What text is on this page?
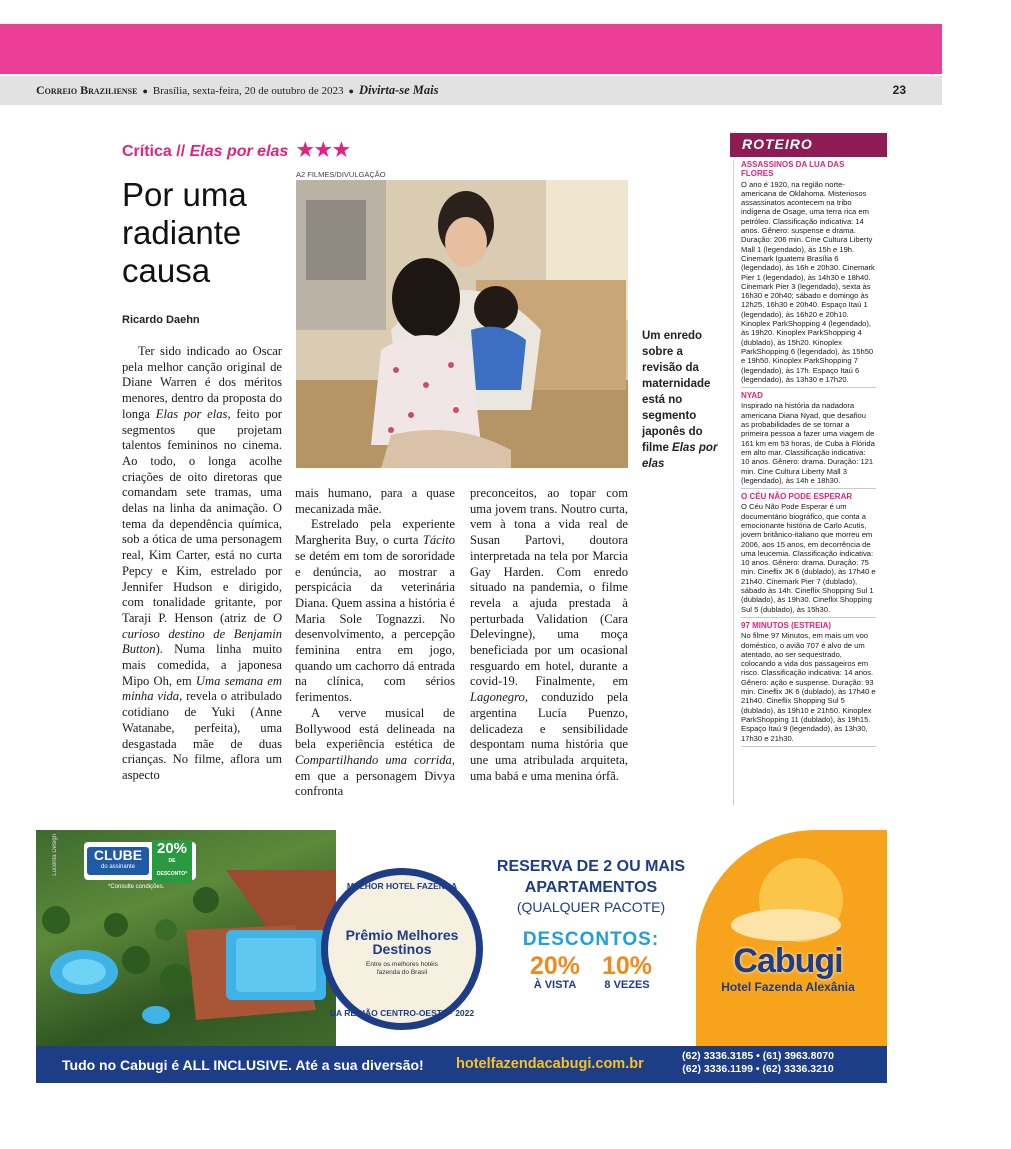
Correio Braziliense ● Brasília, sexta-feira, 20 de outubro de 2023 ● Divirta-se Mais	23
Crítica // Elas por elas ★★★
Por uma radiante causa
Ricardo Daehn
A2 FILMES/DIVULGAÇÃO
Um enredo sobre a revisão da maternidade está no segmento japonês do filme Elas por elas

Ter sido indicado ao Oscar pela melhor canção original de Diane Warren é dos méritos menores, dentro da proposta do longa Elas por elas, feito por segmentos que projetam talentos femininos no cinema. Ao todo, o longa acolhe criações de oito diretoras que comandam sete tramas, uma delas na linha da animação. O tema da dependência química, sob a ótica de uma personagem real, Kim Carter, está no curta Pepcy e Kim, estrelado por Jennifer Hudson e dirigido, com tonalidade gritante, por Taraji P. Henson (atriz de O curioso destino de Benjamin Button). Numa linha muito mais comedida, a japonesa Mipo Oh, em Uma semana em minha vida, revela o atribulado cotidiano de Yuki (Anne Watanabe, perfeita), uma desgastada mãe de duas crianças. No filme, aflora um aspecto

mais humano, para a quase mecanizada mãe.

Estrelado pela experiente Margherita Buy, o curta Tácito se detém em tom de sororidade e denúncia, ao mostrar a perspicácia da veterinária Diana. Quem assina a história é Maria Sole Tognazzi. No desenvolvimento, a percepção feminina entra em jogo, quando um cachorro dá entrada na clínica, com sérios ferimentos.

A verve musical de Bollywood está delineada na bela experiência estética de Compartilhando uma corrida, em que a personagem Divya confronta

preconceitos, ao topar com uma jovem trans. Noutro curta, vem à tona a vida real de Susan Partovi, doutora interpretada na tela por Marcia Gay Harden. Com enredo situado na pandemia, o filme revela a ajuda prestada à perturbada Validation (Cara Delevingne), uma moça beneficiada por um ocasional resguardo em hotel, durante a covid-19. Finalmente, em Lagonegro, conduzido pela argentina Lucía Puenzo, delicadeza e sensibilidade despontam numa história que une uma atribulada arquiteta, uma babá e uma menina órfã.

ROTEIRO
ASSASSINOS DA LUA DAS FLORES
O ano é 1920, na região norte-americana de Oklahoma. Misteriosos assassinatos acontecem na tribo indígena de Osage, uma terra rica em petróleo. Classificação indicativa: 14 anos. Gênero: suspense e drama. Duração: 206 min. Cine Cultura Liberty Mall 1 (legendado), às 15h e 19h. Cinemark Iguatemi Brasília 6 (legendado), às 16h e 20h30. Cinemark Pier 1 (legendado), às 14h30 e 18h40. Cinemark Pier 3 (legendado), sexta às 16h30 e 20h40; sábado e domingo às 12h25, 16h30 e 20h40. Espaço Itaú 1 (legendado), às 16h20 e 20h10. Kinoplex ParkShopping 4 (legendado), às 19h20. Kinoplex ParkShopping 4 (dublado), às 15h20. Kinoplex ParkShopping 6 (legendado), às 15h50 e 19h50. Kinoplex ParkShopping 7 (legendado), às 17h. Espaço Itaú 6 (legendado), às 13h30 e 17h20.
NYAD
Inspirado na história da nadadora americana Diana Nyad, que desafiou as probabilidades de se tornar a primeira pessoa a fazer uma viagem de 161 km em 53 horas, de Cuba à Flórida em alto mar. Classificação indicativa: 10 anos. Gênero: drama. Duração: 121 min. Cine Cultura Liberty Mall 3 (legendado), às 14h e 18h30.
O CÉU NÃO PODE ESPERAR
O Céu Não Pode Esperar é um documentário biográfico, que conta a emocionante história de Carlo Acutis, jovem britânico-italiano que morreu em 2006, aos 15 anos, em decorrência de uma leucemia. Classificação indicativa: 10 anos. Gênero: drama. Duração: 75 min. Cineflix JK 6 (dublado), às 17h40 e 21h40. Cinemark Pier 7 (dublado), sábado às 14h. Cineflix Shopping Sul 1 (dublado), às 19h30. Cineflix Shopping Sul 5 (dublado), às 15h30.
97 MINUTOS (ESTREIA)
No filme 97 Minutos, em mais um voo doméstico, o avião 707 é alvo de um atentado, ao ser sequestrado, colocando a vida dos passageiros em risco. Classificação indicativa: 14 anos. Gênero: ação e suspense. Duração: 93 min. Cineflix JK 6 (dublado), às 17h40 e 21h40. Cineflix Shopping Sul 5 (dublado), às 19h10 e 21h50. Kinoplex ParkShopping 11 (dublado), às 19h15. Espaço Itaú 9 (legendado), às 13h30, 17h30 e 21h30.
Lucenta Design	CLUBE
do assinante
20%
DE DESCONTO*
*Consulte condições.	MELHOR HOTEL FAZENDA
Prêmio Melhores Destinos
Entre os melhores hotéis fazenda do Brasil
DA REGIÃO CENTRO-OESTE · 2022
RESERVA DE 2 OU MAIS APARTAMENTOS
(QUALQUER PACOTE)
DESCONTOS:
20%
À VISTA
10%
8 VEZES
Cabugi
Hotel Fazenda Alexânia
Tudo no Cabugi é ALL INCLUSIVE. Até a sua diversão! hotelfazendacabugi.com.br	(62) 3336.3185 • (61) 3963.8070
(62) 3336.1199 • (62) 3336.3210
